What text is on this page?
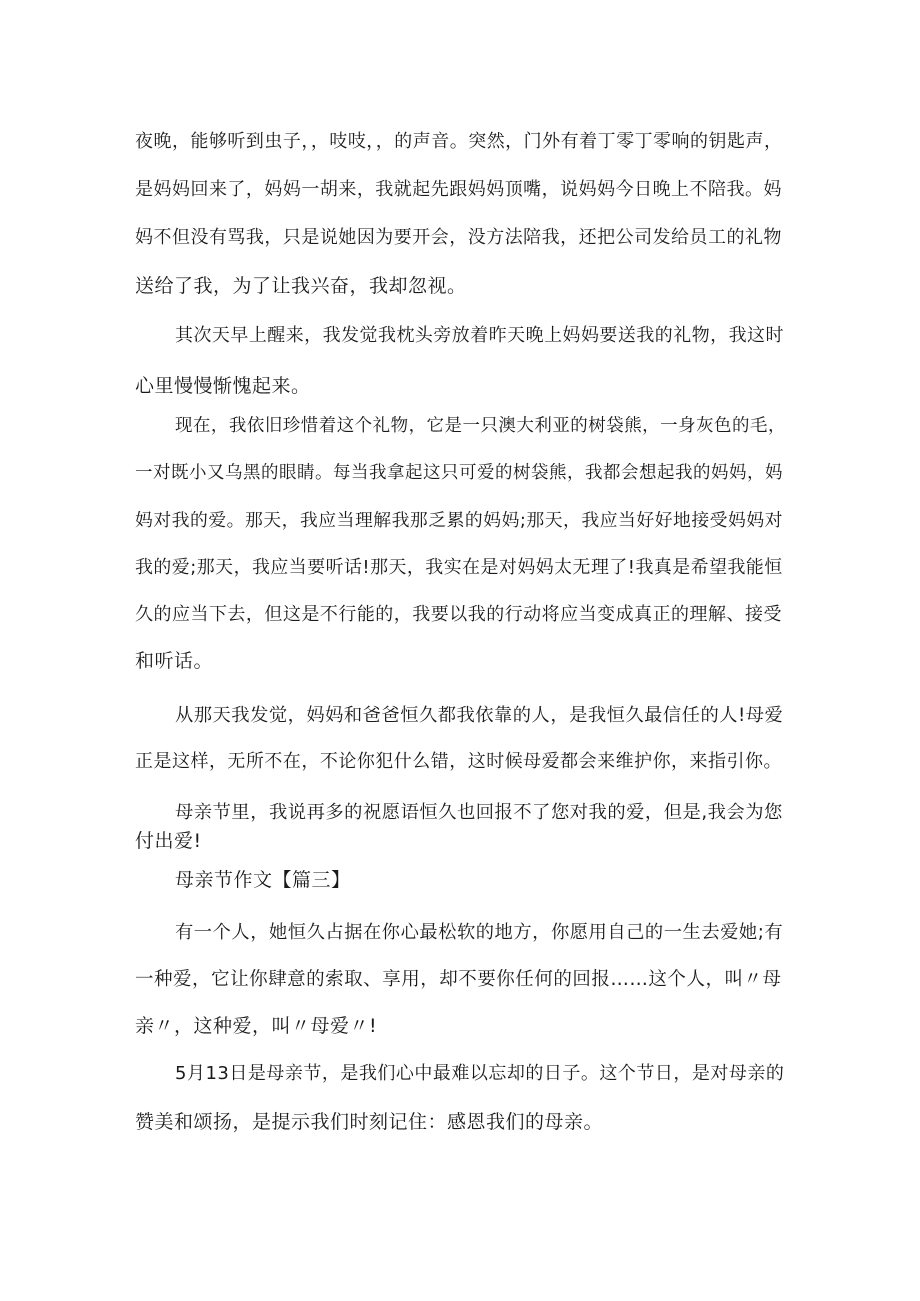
夜晚，能够听到虫子，，吱吱，，的声音。突然，门外有着丁零丁零响的钥匙声，
是妈妈回来了，妈妈一胡来，我就起先跟妈妈顶嘴，说妈妈今日晚上不陪我。妈
妈不但没有骂我，只是说她因为要开会，没方法陪我，还把公司发给员工的礼物
送给了我，为了让我兴奋，我却忽视。
其次天早上醒来，我发觉我枕头旁放着昨天晚上妈妈要送我的礼物，我这时
心里慢慢惭愧起来。
现在，我依旧珍惜着这个礼物，它是一只澳大利亚的树袋熊，一身灰色的毛，
一对既小又乌黑的眼睛。每当我拿起这只可爱的树袋熊，我都会想起我的妈妈，妈
妈对我的爱。那天，我应当理解我那乏累的妈妈;那天，我应当好好地接受妈妈对
我的爱;那天，我应当要听话!那天，我实在是对妈妈太无理了!我真是希望我能恒
久的应当下去，但这是不行能的，我要以我的行动将应当变成真正的理解、接受
和听话。
从那天我发觉，妈妈和爸爸恒久都我依靠的人，是我恒久最信任的人!母爱
正是这样，无所不在，不论你犯什么错，这时候母爱都会来维护你，来指引你。
母亲节里，我说再多的祝愿语恒久也回报不了您对我的爱，但是,我会为您
付出爱!
母亲节作文【篇三】
有一个人，她恒久占据在你心最松软的地方，你愿用自己的一生去爱她;有
一种爱，它让你肆意的索取、享用，却不要你任何的回报……这个人，叫〃母
亲〃，这种爱，叫〃母爱〃!
5月13日是母亲节，是我们心中最难以忘却的日子。这个节日，是对母亲的
赞美和颂扬，是提示我们时刻记住：感恩我们的母亲。
